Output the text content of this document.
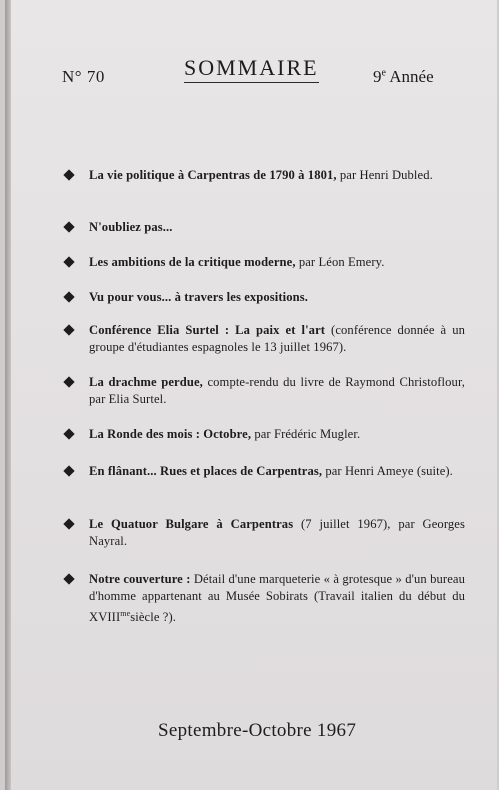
N° 70	SOMMAIRE	9e Année
La vie politique à Carpentras de 1790 à 1801, par Henri Dubled.
N'oubliez pas...
Les ambitions de la critique moderne, par Léon Emery.
Vu pour vous... à travers les expositions.
Conférence Elia Surtel : La paix et l'art (conférence donnée à un groupe d'étudiantes espagnoles le 13 juillet 1967).
La drachme perdue, compte-rendu du livre de Raymond Christoflour, par Elia Surtel.
La Ronde des mois : Octobre, par Frédéric Mugler.
En flânant... Rues et places de Carpentras, par Henri Ameye (suite).
Le Quatuor Bulgare à Carpentras (7 juillet 1967), par Georges Nayral.
Notre couverture : Détail d'une marqueterie « à grotesque » d'un bureau d'homme appartenant au Musée Sobirats (Travail italien du début du $XVIII^{me}siècle$ ?).
Septembre-Octobre 1967
